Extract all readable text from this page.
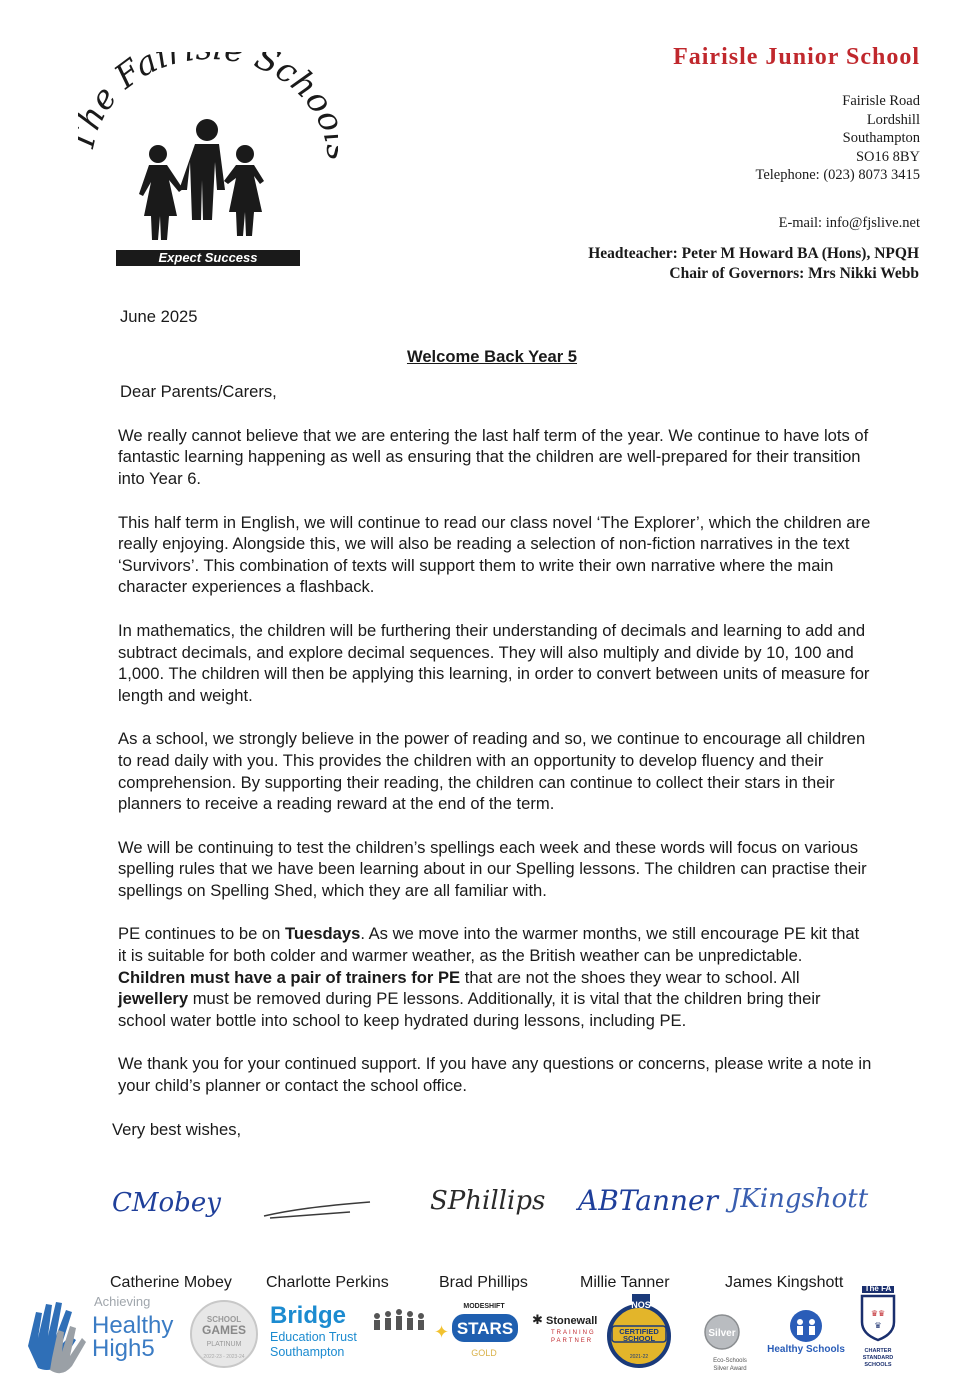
e Fai Scho
Expect Success
Fairisle Junior School
Fairisle Road
Lordshill
Southampton
SO16 8BY
Telephone: (023) 8073 3415
E-mail: info@fjslive.net
Headteacher: Peter M Howard BA (Hons), NPQH
Chair of Governors: Mrs Nikki Webb
June 2025
Welcome Back Year 5
Dear Parents/Carers,
We really cannot believe that we are entering the last half term of the year. We continue to have lots of fantastic learning happening as well as ensuring that the children are well-prepared for their transition into Year 6.
This half term in English, we will continue to read our class novel ‘The Explorer’, which the children are really enjoying. Alongside this, we will also be reading a selection of non-fiction narratives in the text ‘Survivors’. This combination of texts will support them to write their own narrative where the main character experiences a flashback.
In mathematics, the children will be furthering their understanding of decimals and learning to add and subtract decimals, and explore decimal sequences. They will also multiply and divide by 10, 100 and 1,000. The children will then be applying this learning, in order to convert between units of measure for length and weight.
As a school, we strongly believe in the power of reading and so, we continue to encourage all children to read daily with you. This provides the children with an opportunity to develop fluency and their comprehension. By supporting their reading, the children can continue to collect their stars in their planners to receive a reading reward at the end of the term.
We will be continuing to test the children’s spellings each week and these words will focus on various spelling rules that we have been learning about in our Spelling lessons. The children can practise their spellings on Spelling Shed, which they are all familiar with.
PE continues to be on Tuesdays. As we move into the warmer months, we still encourage PE kit that it is suitable for both colder and warmer weather, as the British weather can be unpredictable. Children must have a pair of trainers for PE that are not the shoes they wear to school. All jewellery must be removed during PE lessons. Additionally, it is vital that the children bring their school water bottle into school to keep hydrated during lessons, including PE.
We thank you for your continued support. If you have any questions or concerns, please write a note in your child’s planner or contact the school office.
Very best wishes,
CMobey	SPhillips ABTanner JKingshott
Catherine Mobey Charlotte Perkins	Brad Phillips	Millie Tanner	James Kingshott
Achieving
Healthy
High5
SCHOOL
GAMES
PLATINUM
2022-23 - 2023-24
Bridge
Education Trust
Southampton
MODESHIFT
✦ STARS
GOLD
✱ Stonewall
TRAINING
PARTNER
NOS
CERTIFIED
SCHOOL
2021-22
Silver
Eco-Schools
Silver Award
Healthy Schools
The FA
♛♛
♛
CHARTER
STANDARD
SCHOOLS
